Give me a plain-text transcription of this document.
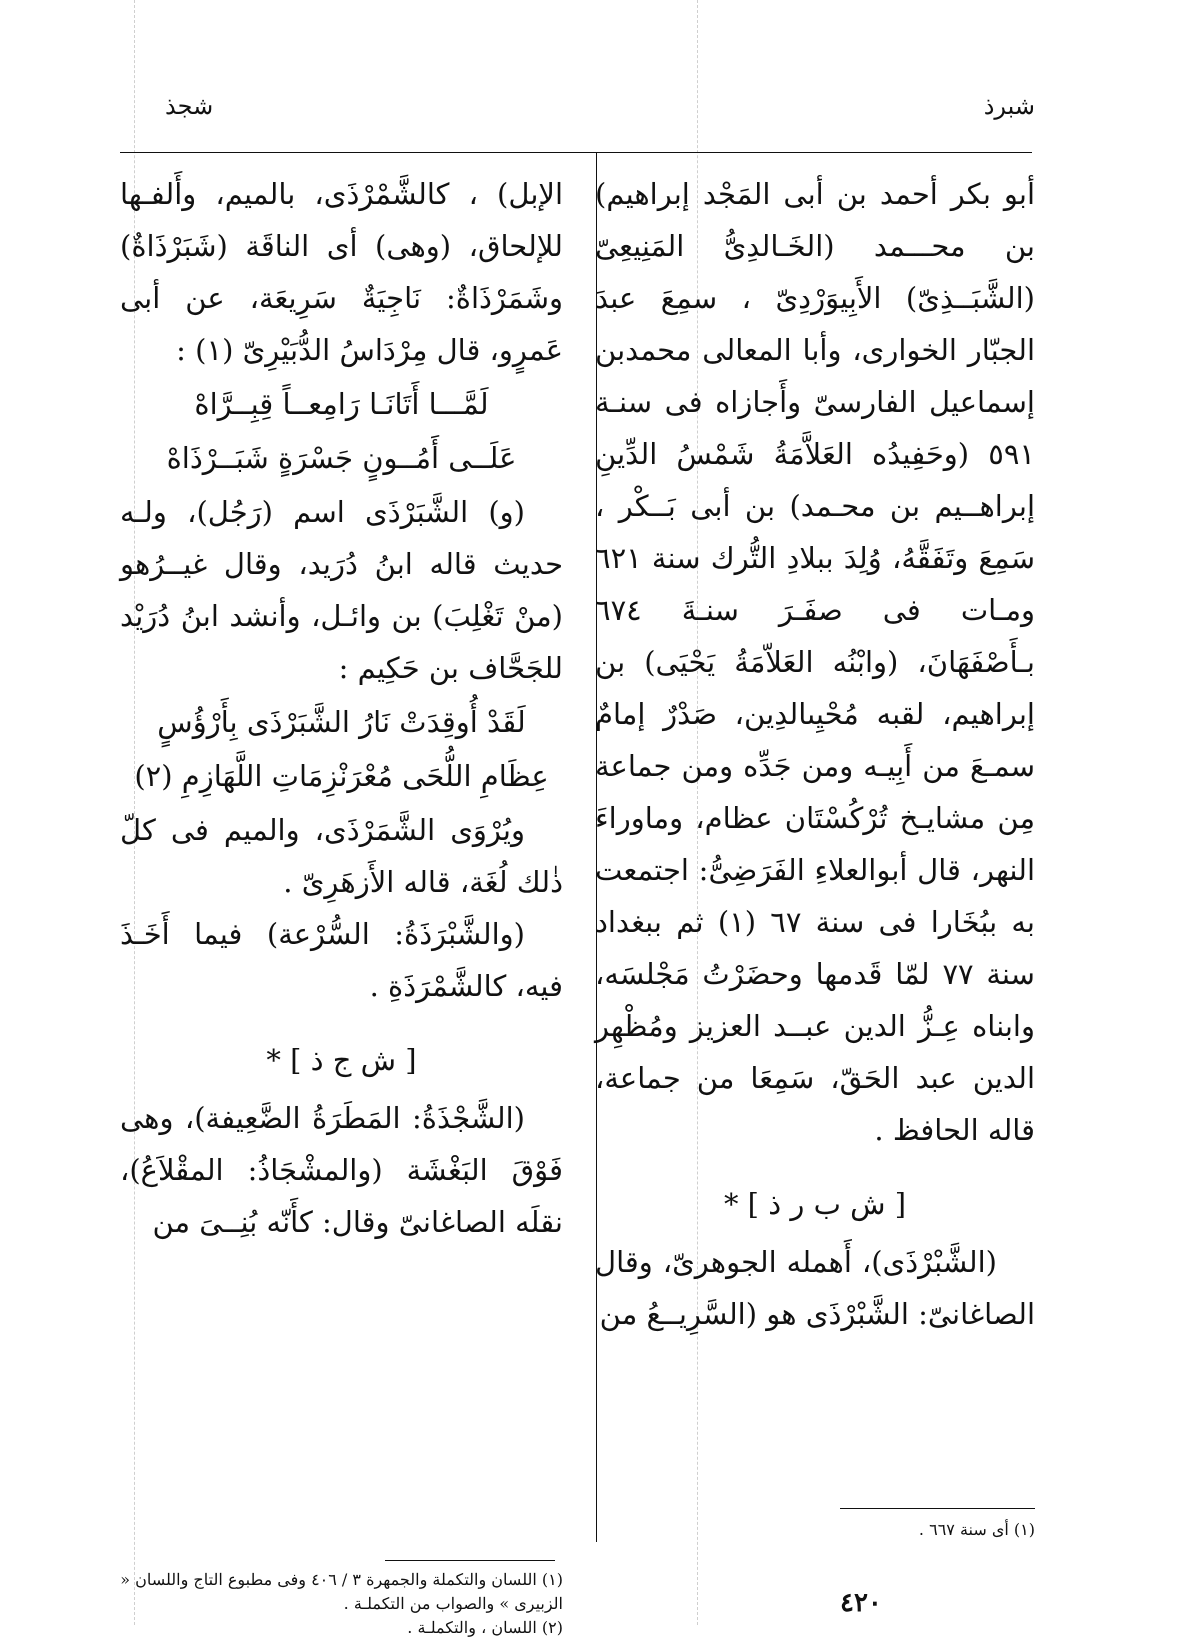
شبرذ
شجذ

أبو بكر أحمد بن أبى المَجْد إبراهيم) بن محـــمد (الخَـالدِىُّ المَنِيعِىّ (الشَّبَــذِىّ) الأَبِيوَرْدِىّ ، سمِعَ عبدَ الجبّار الخوارى، وأبا المعالى محمدبن إسماعيل الفارسىّ وأَجازاه فى سنـة ٥٩١ (وحَفِيدُه العَلاَّمَةُ شَمْسُ الدِّينِ إبراهــيم بن محـمد) بن أبى بَــكْر ، سَمِعَ وتَفَقَّهُ، وُلِدَ ببلادِ التُّرك سنة ٦٢١ ومـات فى صفَـرَ سنـةَ ٦٧٤ بـأَصْفَهَانَ، (وابْنُه العَلاّمَةُ يَحْيَى) بن إبراهيم، لقبه مُحْيِىالدِين، صَدْرٌ إمامٌ سمـعَ من أَبِيـه ومن جَدِّه ومن جماعة مِن مشايـخ تُرْكُسْتَان عظام، وماوراءَ النهر، قال أبوالعلاءِ الفَرَضِىُّ: اجتمعت به ببُخَارا فى سنة ٦٧ (١) ثم ببغداد سنة ٧٧ لمّا قَدمها وحضَرْتُ مَجْلسَه، وابناه عِـزُّ الدين عبــد العزيز ومُظْهِر الدين عبد الحَقّ، سَمِعَا من جماعة، قاله الحافظ .

[ ش ب ر ذ ] *

(الشَّبْرْذَى)، أَهمله الجوهرىّ، وقال الصاغانىّ: الشَّبْرْذَى هو (السَّرِيــعُ من

الإبل) ، كالشَّمْرْذَى، بالميم، وأَلفـها للإلحاق، (وهى) أى الناقَة (شَبَرْذَاةٌ) وشَمَرْذَاةٌ: نَاجِيَةٌ سَرِيعَة، عن أبى عَمرٍو، قال مِرْدَاسُ الدُّبَيْرِىّ (١) :

لَمَّـــا أَتَانَـا رَامِعــاً قِبِــرَّاهْ

عَلَــى أَمُــونٍ جَسْرَةٍ شَبَــرْذَاهْ

(و) الشَّبَرْذَى اسم (رَجُل)، ولـه حديث قاله ابنُ دُرَيد، وقال غيــرُهو (منْ تَغْلِبَ) بن وائـل، وأنشد ابنُ دُرَيْد للجَحَّاف بن حَكِيم :

لَقَدْ أُوقِدَتْ نَارُ الشَّبَرْذَى بِأَرْؤُسٍ

عِظَامِ اللُّحَى مُعْرَنْزِمَاتِ اللَّهَازِمِ (٢)

ويُرْوَى الشَّمَرْذَى، والميم فى كلّ ذٰلك لُغَة، قاله الأَزهَرِىّ .

(والشَّبْرَذَةُ: السُّرْعة) فيما أَخَـذَ فيه، كالشَّمْرَذَةِ .

[ ش ج ذ ] *

(الشَّجْذَةُ: المَطَرَةُ الضَّعِيفة)، وهى فَوْقَ البَغْشَة (والمشْجَاذُ: المقْلاَعُ)، نقلَه الصاغانىّ وقال: كأَنّه بُنِــىَ من

(١) أى سنة ٦٦٧ .

(١) اللسان والتكملة والجمهرة ٣ / ٤٠٦ وفى مطبوع التاج واللسان « الزبيرى » والصواب من التكملـة .

(٢) اللسان ، والتكملـة .

٤٢٠
